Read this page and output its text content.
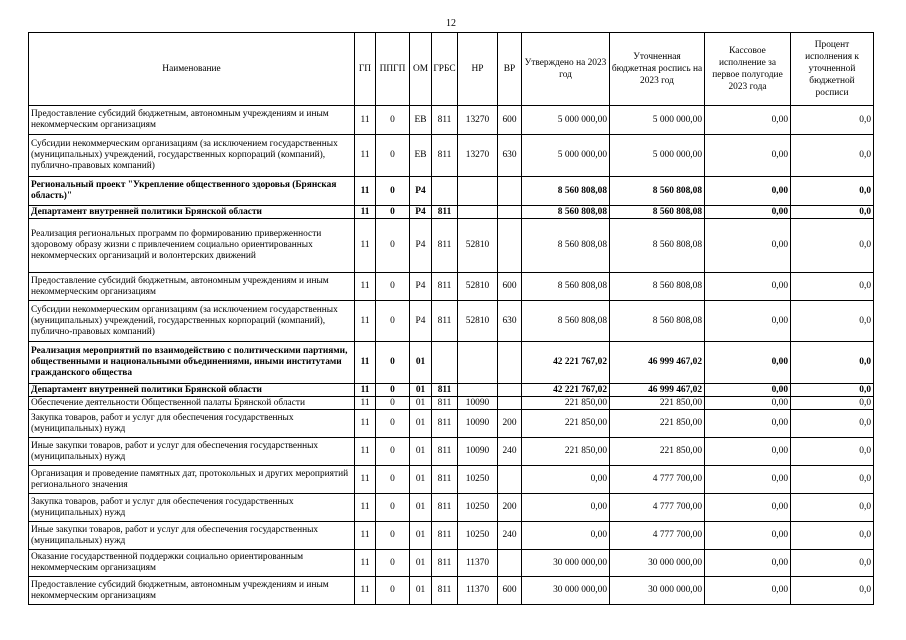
12
Наименование	ГП	ППГП	ОМ	ГРБС	НР	ВР	Утверждено на 2023 год	Уточненная бюджетная роспись на 2023 год	Кассовое исполнение за первое полугодие 2023 года	Процент исполнения к уточненной бюджетной росписи
Предоставление субсидий бюджетным, автономным учреждениям и иным некоммерческим организациям	11	0	ЕВ	811	13270	600	5 000 000,00	5 000 000,00	0,00	0,0
Субсидии некоммерческим организациям (за исключением государственных (муниципальных) учреждений, государственных корпораций (компаний), публично-правовых компаний)	11	0	ЕВ	811	13270	630	5 000 000,00	5 000 000,00	0,00	0,0
Региональный проект "Укрепление общественного здоровья (Брянская область)"	11	0	Р4				8 560 808,08	8 560 808,08	0,00	0,0
Департамент внутренней политики Брянской области	11	0	Р4	811			8 560 808,08	8 560 808,08	0,00	0,0
Реализация региональных программ по формированию приверженности здоровому образу жизни с привлечением социально ориентированных некоммерческих организаций и волонтерских движений	11	0	Р4	811	52810		8 560 808,08	8 560 808,08	0,00	0,0
Предоставление субсидий бюджетным, автономным учреждениям и иным некоммерческим организациям	11	0	Р4	811	52810	600	8 560 808,08	8 560 808,08	0,00	0,0
Субсидии некоммерческим организациям (за исключением государственных (муниципальных) учреждений, государственных корпораций (компаний), публично-правовых компаний)	11	0	Р4	811	52810	630	8 560 808,08	8 560 808,08	0,00	0,0
Реализация мероприятий по взаимодействию с политическими партиями, общественными и национальными объединениями, иными институтами гражданского общества	11	0	01				42 221 767,02	46 999 467,02	0,00	0,0
Департамент внутренней политики Брянской области	11	0	01	811			42 221 767,02	46 999 467,02	0,00	0,0
Обеспечение деятельности Общественной палаты Брянской области	11	0	01	811	10090		221 850,00	221 850,00	0,00	0,0
Закупка товаров, работ и услуг для обеспечения государственных (муниципальных) нужд	11	0	01	811	10090	200	221 850,00	221 850,00	0,00	0,0
Иные закупки товаров, работ и услуг для обеспечения государственных (муниципальных) нужд	11	0	01	811	10090	240	221 850,00	221 850,00	0,00	0,0
Организация и проведение памятных дат, протокольных и других мероприятий регионального значения	11	0	01	811	10250		0,00	4 777 700,00	0,00	0,0
Закупка товаров, работ и услуг для обеспечения государственных (муниципальных) нужд	11	0	01	811	10250	200	0,00	4 777 700,00	0,00	0,0
Иные закупки товаров, работ и услуг для обеспечения государственных (муниципальных) нужд	11	0	01	811	10250	240	0,00	4 777 700,00	0,00	0,0
Оказание государственной поддержки социально ориентированным некоммерческим организациям	11	0	01	811	11370		30 000 000,00	30 000 000,00	0,00	0,0
Предоставление субсидий бюджетным, автономным учреждениям и иным некоммерческим организациям	11	0	01	811	11370	600	30 000 000,00	30 000 000,00	0,00	0,0
